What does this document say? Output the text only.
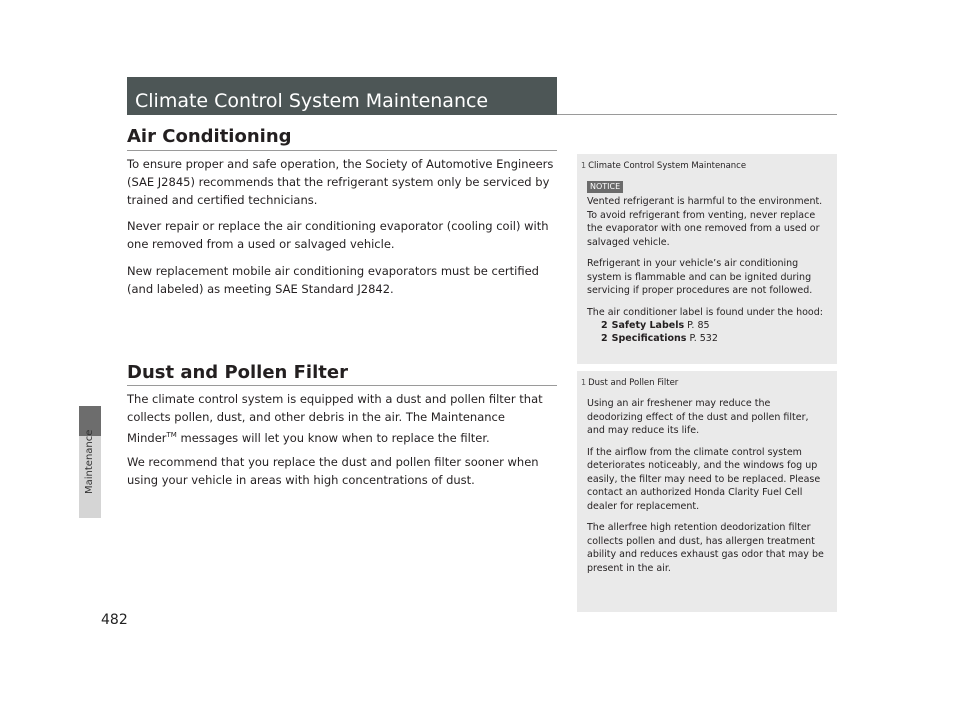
Maintenance
482
Climate Control System Maintenance
Air Conditioning
To ensure proper and safe operation, the Society of Automotive Engineers (SAE J2845) recommends that the refrigerant system only be serviced by trained and certified technicians.
Never repair or replace the air conditioning evaporator (cooling coil) with one removed from a used or salvaged vehicle.
New replacement mobile air conditioning evaporators must be certified (and labeled) as meeting SAE Standard J2842.
Dust and Pollen Filter
The climate control system is equipped with a dust and pollen filter that collects pollen, dust, and other debris in the air. The Maintenance Minder™ messages will let you know when to replace the filter.
We recommend that you replace the dust and pollen filter sooner when using your vehicle in areas with high concentrations of dust.
1 Climate Control System Maintenance
NOTICE
Vented refrigerant is harmful to the environment. To avoid refrigerant from venting, never replace the evaporator with one removed from a used or salvaged vehicle.
Refrigerant in your vehicle’s air conditioning system is flammable and can be ignited during servicing if proper procedures are not followed.
The air conditioner label is found under the hood:
2 Safety Labels P. 85
2 Specifications P. 532
1 Dust and Pollen Filter
Using an air freshener may reduce the deodorizing effect of the dust and pollen filter, and may reduce its life.
If the airflow from the climate control system deteriorates noticeably, and the windows fog up easily, the filter may need to be replaced. Please contact an authorized Honda Clarity Fuel Cell dealer for replacement.
The allerfree high retention deodorization filter collects pollen and dust, has allergen treatment ability and reduces exhaust gas odor that may be present in the air.
